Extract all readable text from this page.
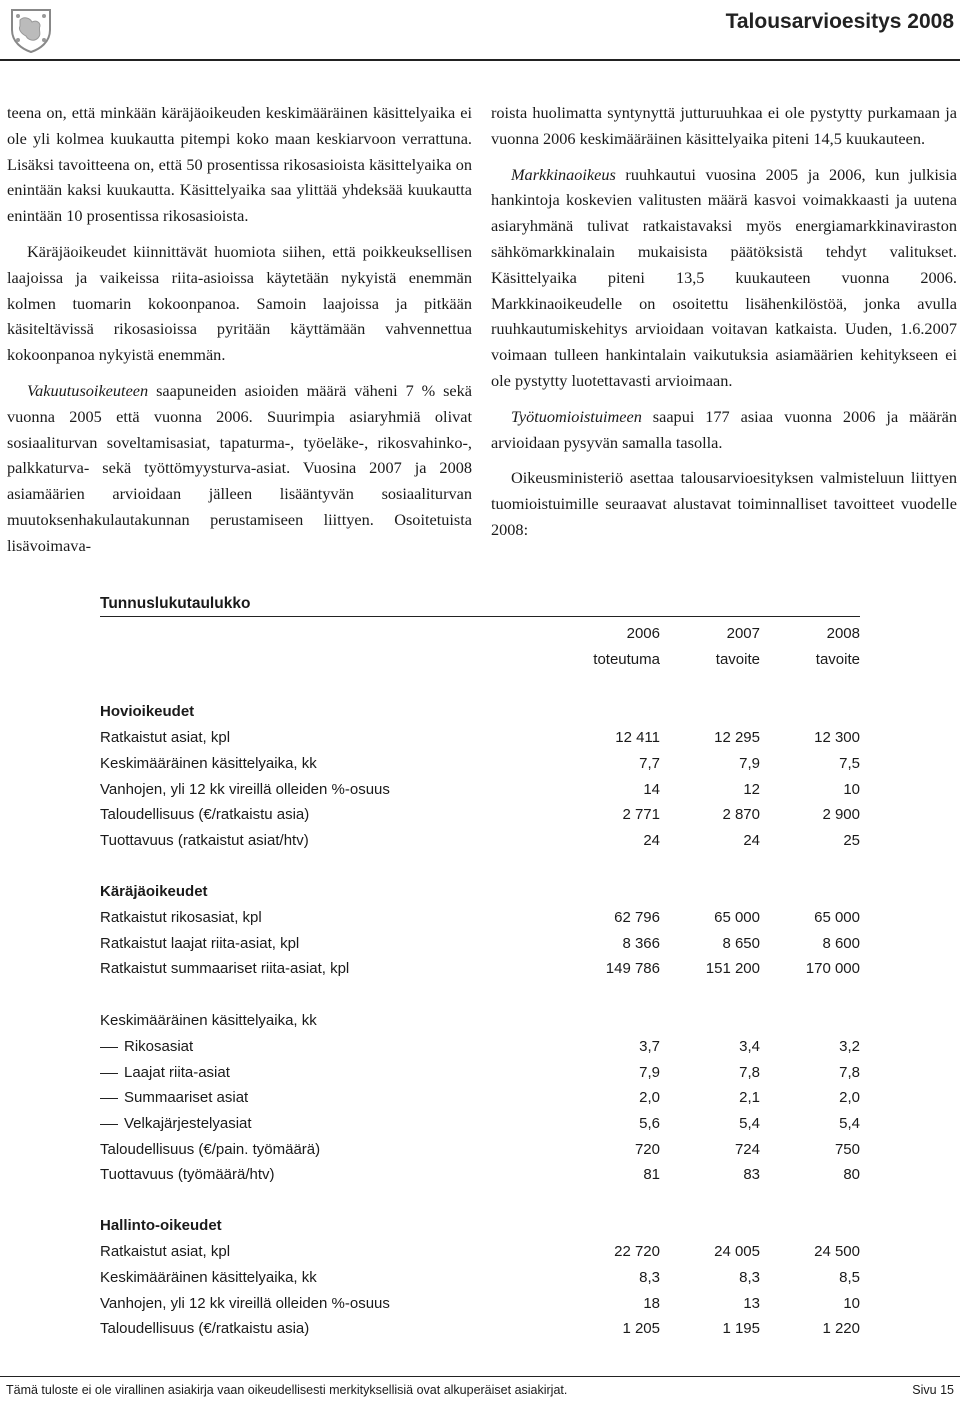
Talousarvioesitys 2008

teena on, että minkään käräjäoikeuden keskimääräinen käsittelyaika ei ole yli kolmea kuukautta pitempi koko maan keskiarvoon verrattuna. Lisäksi tavoitteena on, että 50 prosentissa rikosasioista käsittelyaika on enintään kaksi kuukautta. Käsittelyaika saa ylittää yhdeksää kuukautta enintään 10 prosentissa rikosasioista.

Käräjäoikeudet kiinnittävät huomiota siihen, että poikkeuksellisen laajoissa ja vaikeissa riita-asioissa käytetään nykyistä enemmän kolmen tuomarin kokoonpanoa. Samoin laajoissa ja pitkään käsiteltävissä rikosasioissa pyritään käyttämään vahvennettua kokoonpanoa nykyistä enemmän.

Vakuutusoikeuteen saapuneiden asioiden määrä väheni 7 % sekä vuonna 2005 että vuonna 2006. Suurimpia asiaryhmiä olivat sosiaaliturvan soveltamisasiat, tapaturma-, työeläke-, rikosvahinko-, palkkaturva- sekä työttömyysturva-asiat. Vuosina 2007 ja 2008 asiamäärien arvioidaan jälleen lisääntyvän sosiaaliturvan muutoksenhakulautakunnan perustamiseen liittyen. Osoitetuista lisävoimava-

roista huolimatta syntynyttä jutturuuhkaa ei ole pystytty purkamaan ja vuonna 2006 keskimääräinen käsittelyaika piteni 14,5 kuukauteen.

Markkinaoikeus ruuhkautui vuosina 2005 ja 2006, kun julkisia hankintoja koskevien valitusten määrä kasvoi voimakkaasti ja uutena asiaryhmänä tulivat ratkaistavaksi myös energiamarkkinaviraston sähkömarkkinalain mukaisista päätöksistä tehdyt valitukset. Käsittelyaika piteni 13,5 kuukauteen vuonna 2006. Markkinaoikeudelle on osoitettu lisähenkilöstöä, jonka avulla ruuhkautumiskehitys arvioidaan voitavan katkaista. Uuden, 1.6.2007 voimaan tulleen hankintalain vaikutuksia asiamäärien kehitykseen ei ole pystytty luotettavasti arvioimaan.

Työtuomioistuimeen saapui 177 asiaa vuonna 2006 ja määrän arvioidaan pysyvän samalla tasolla.

Oikeusministeriö asettaa talousarvioesityksen valmisteluun liittyen tuomioistuimille seuraavat alustavat toiminnalliset tavoitteet vuodelle 2008:

Tunnuslukutaulukko
2006	2007	2008
toteutuma	tavoite	tavoite
Hovioikeudet
Ratkaistut asiat, kpl	12 411	12 295	12 300
Keskimääräinen käsittelyaika, kk	7,7	7,9	7,5
Vanhojen, yli 12 kk vireillä olleiden %-osuus	14	12	10
Taloudellisuus (€/ratkaistu asia)	2 771	2 870	2 900
Tuottavuus (ratkaistut asiat/htv)	24	24	25
Käräjäoikeudet
Ratkaistut rikosasiat, kpl	62 796	65 000	65 000
Ratkaistut laajat riita-asiat, kpl	8 366	8 650	8 600
Ratkaistut summaariset riita-asiat, kpl	149 786	151 200	170 000
Keskimääräinen käsittelyaika, kk
Rikosasiat	3,7	3,4	3,2
Laajat riita-asiat	7,9	7,8	7,8
Summaariset asiat	2,0	2,1	2,0
Velkajärjestelyasiat	5,6	5,4	5,4
Taloudellisuus (€/pain. työmäärä)	720	724	750
Tuottavuus (työmäärä/htv)	81	83	80
Hallinto-oikeudet
Ratkaistut asiat, kpl	22 720	24 005	24 500
Keskimääräinen käsittelyaika, kk	8,3	8,3	8,5
Vanhojen, yli 12 kk vireillä olleiden %-osuus	18	13	10
Taloudellisuus (€/ratkaistu asia)	1 205	1 195	1 220
Tämä tuloste ei ole virallinen asiakirja vaan oikeudellisesti merkityksellisiä ovat alkuperäiset asiakirjat.	Sivu 15
